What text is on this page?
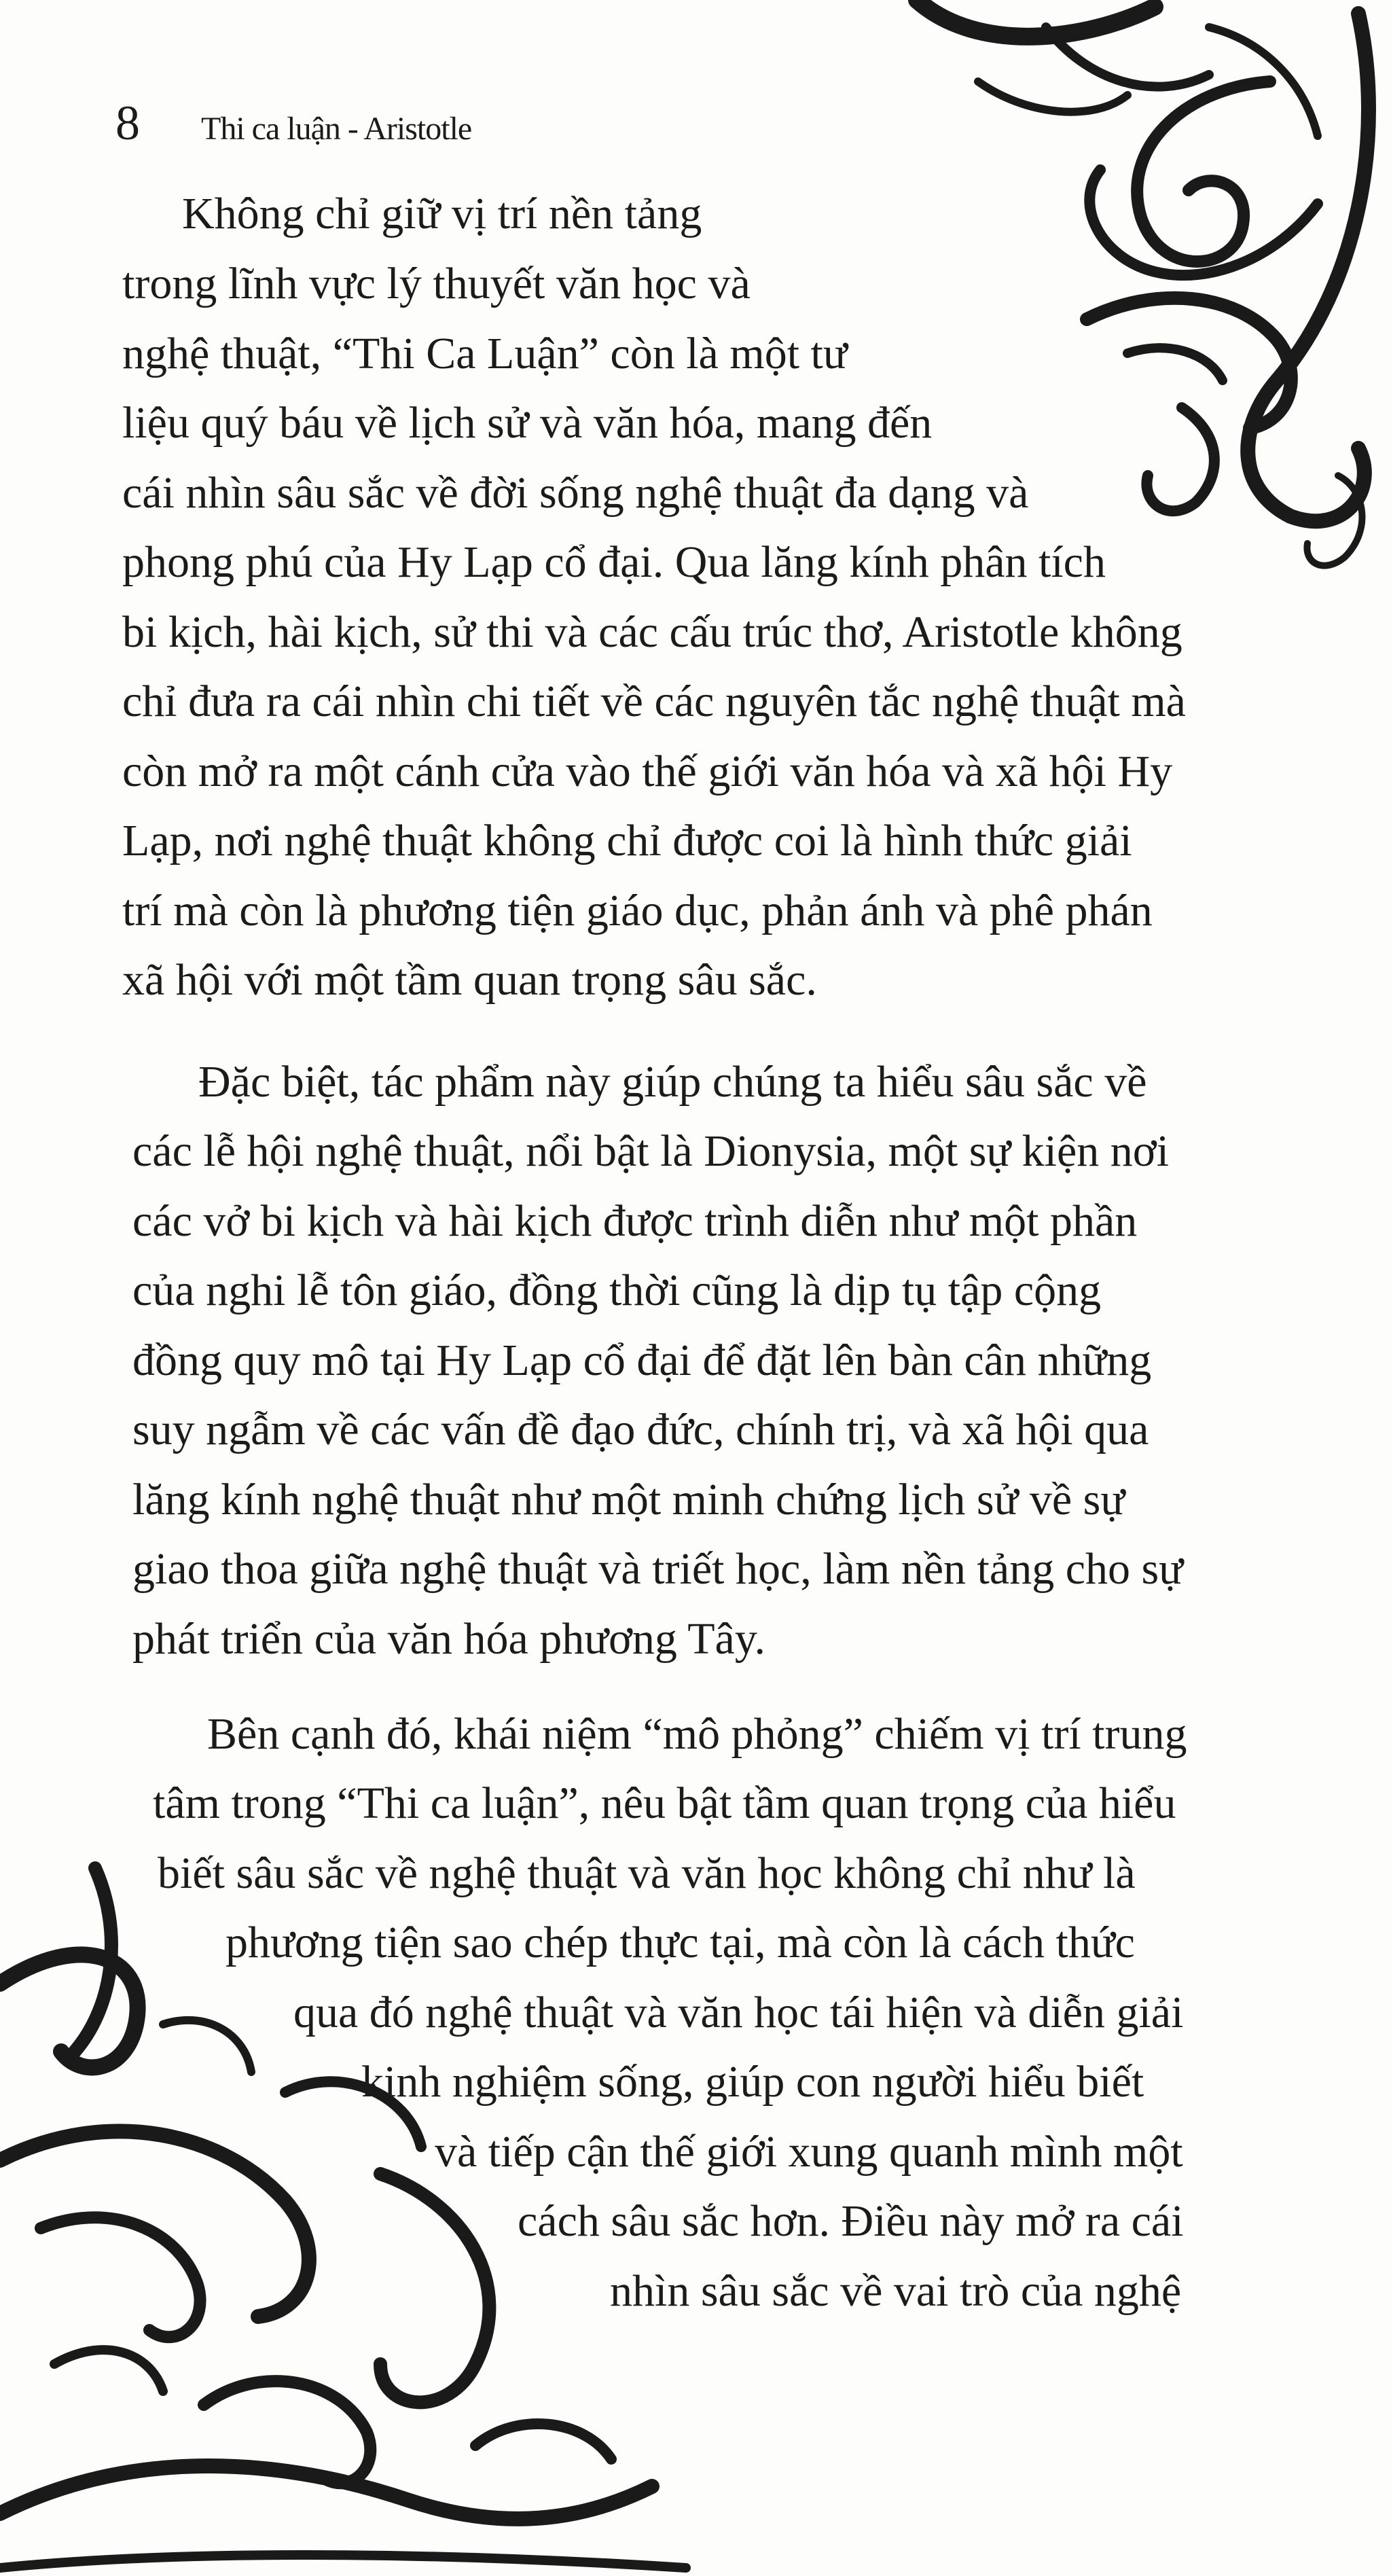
8 Thi ca luận - Aristotle
Không chỉ giữ vị trí nền tảng
trong lĩnh vực lý thuyết văn học và
nghệ thuật, “Thi Ca Luận” còn là một tư
liệu quý báu về lịch sử và văn hóa, mang đến
cái nhìn sâu sắc về đời sống nghệ thuật đa dạng và
phong phú của Hy Lạp cổ đại. Qua lăng kính phân tích
bi kịch, hài kịch, sử thi và các cấu trúc thơ, Aristotle không
chỉ đưa ra cái nhìn chi tiết về các nguyên tắc nghệ thuật mà
còn mở ra một cánh cửa vào thế giới văn hóa và xã hội Hy
Lạp, nơi nghệ thuật không chỉ được coi là hình thức giải
trí mà còn là phương tiện giáo dục, phản ánh và phê phán
xã hội với một tầm quan trọng sâu sắc.
Đặc biệt, tác phẩm này giúp chúng ta hiểu sâu sắc về
các lễ hội nghệ thuật, nổi bật là Dionysia, một sự kiện nơi
các vở bi kịch và hài kịch được trình diễn như một phần
của nghi lễ tôn giáo, đồng thời cũng là dịp tụ tập cộng
đồng quy mô tại Hy Lạp cổ đại để đặt lên bàn cân những
suy ngẫm về các vấn đề đạo đức, chính trị, và xã hội qua
lăng kính nghệ thuật như một minh chứng lịch sử về sự
giao thoa giữa nghệ thuật và triết học, làm nền tảng cho sự
phát triển của văn hóa phương Tây.
Bên cạnh đó, khái niệm “mô phỏng” chiếm vị trí trung
tâm trong “Thi ca luận”, nêu bật tầm quan trọng của hiểu
biết sâu sắc về nghệ thuật và văn học không chỉ như là
phương tiện sao chép thực tại, mà còn là cách thức
qua đó nghệ thuật và văn học tái hiện và diễn giải
kinh nghiệm sống, giúp con người hiểu biết
và tiếp cận thế giới xung quanh mình một
cách sâu sắc hơn. Điều này mở ra cái
nhìn sâu sắc về vai trò của nghệ
